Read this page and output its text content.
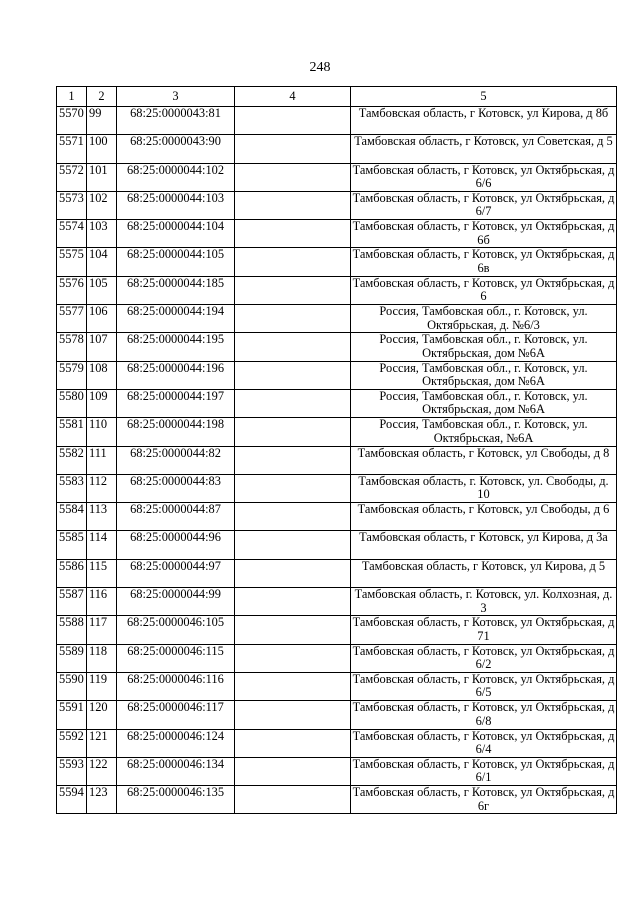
248
1	2	3	4	5
5570	99	68:25:0000043:81		Тамбовская область, г Котовск, ул Кирова, д 8б
5571	100	68:25:0000043:90		Тамбовская область, г Котовск, ул Советская, д 5
5572	101	68:25:0000044:102		Тамбовская область, г Котовск, ул Октябрьская, д 6/6
5573	102	68:25:0000044:103		Тамбовская область, г Котовск, ул Октябрьская, д 6/7
5574	103	68:25:0000044:104		Тамбовская область, г Котовск, ул Октябрьская, д 6б
5575	104	68:25:0000044:105		Тамбовская область, г Котовск, ул Октябрьская, д 6в
5576	105	68:25:0000044:185		Тамбовская область, г Котовск, ул Октябрьская, д 6
5577	106	68:25:0000044:194		Россия, Тамбовская обл., г. Котовск, ул. Октябрьская, д. №6/3
5578	107	68:25:0000044:195		Россия, Тамбовская обл., г. Котовск, ул. Октябрьская, дом №6А
5579	108	68:25:0000044:196		Россия, Тамбовская обл., г. Котовск, ул. Октябрьская, дом №6А
5580	109	68:25:0000044:197		Россия, Тамбовская обл., г. Котовск, ул. Октябрьская, дом №6А
5581	110	68:25:0000044:198		Россия, Тамбовская обл., г. Котовск, ул. Октябрьская, №6А
5582	111	68:25:0000044:82		Тамбовская область, г Котовск, ул Свободы, д 8
5583	112	68:25:0000044:83		Тамбовская область, г. Котовск, ул. Свободы, д. 10
5584	113	68:25:0000044:87		Тамбовская область, г Котовск, ул Свободы, д 6
5585	114	68:25:0000044:96		Тамбовская область, г Котовск, ул Кирова, д 3а
5586	115	68:25:0000044:97		Тамбовская область, г Котовск, ул Кирова, д 5
5587	116	68:25:0000044:99		Тамбовская область, г. Котовск, ул. Колхозная, д. 3
5588	117	68:25:0000046:105		Тамбовская область, г Котовск, ул Октябрьская, д 71
5589	118	68:25:0000046:115		Тамбовская область, г Котовск, ул Октябрьская, д 6/2
5590	119	68:25:0000046:116		Тамбовская область, г Котовск, ул Октябрьская, д 6/5
5591	120	68:25:0000046:117		Тамбовская область, г Котовск, ул Октябрьская, д 6/8
5592	121	68:25:0000046:124		Тамбовская область, г Котовск, ул Октябрьская, д 6/4
5593	122	68:25:0000046:134		Тамбовская область, г Котовск, ул Октябрьская, д 6/1
5594	123	68:25:0000046:135		Тамбовская область, г Котовск, ул Октябрьская, д 6г
